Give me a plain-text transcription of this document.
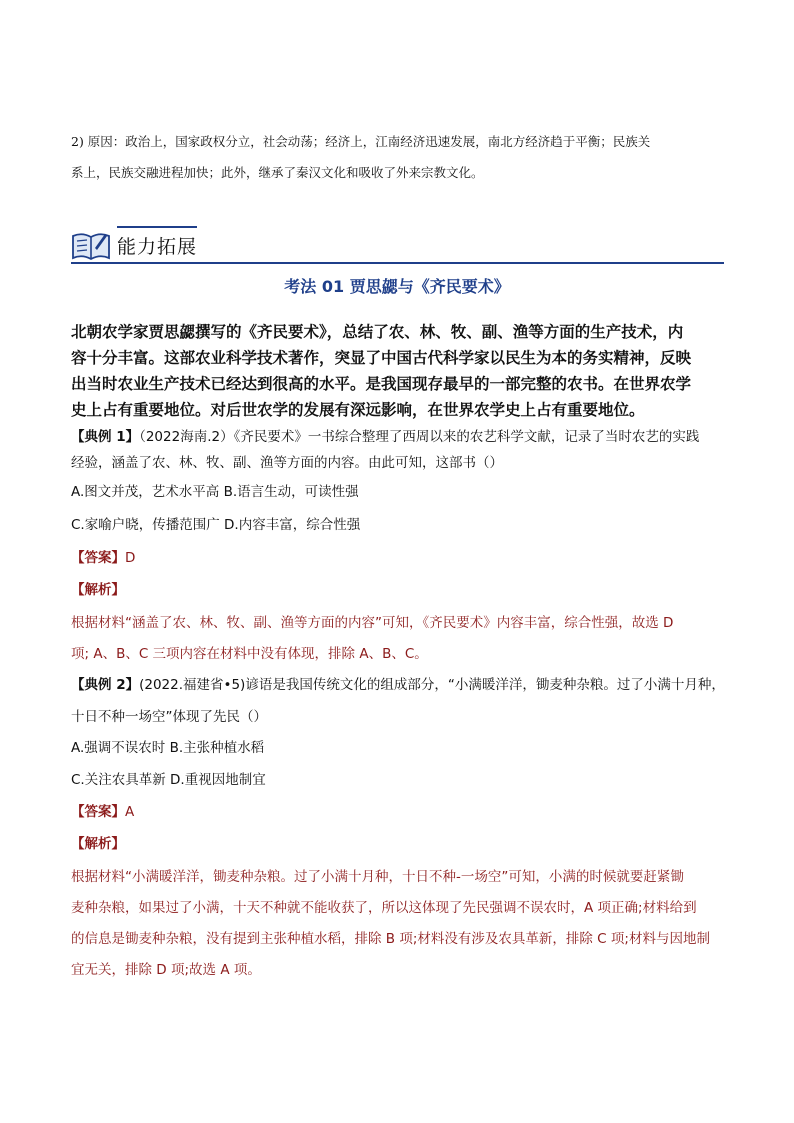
2) 原因：政治上，国家政权分立，社会动荡；经济上，江南经济迅速发展，南北方经济趋于平衡；民族关
系上，民族交融进程加快；此外，继承了秦汉文化和吸收了外来宗教文化。
能力拓展
考法 01 贾思勰与《齐民要术》
北朝农学家贾思勰撰写的《齐民要术》，总结了农、林、牧、副、渔等方面的生产技术，内
容十分丰富。这部农业科学技术著作，突显了中国古代科学家以民生为本的务实精神，反映
出当时农业生产技术已经达到很高的水平。是我国现存最早的一部完整的农书。在世界农学
史上占有重要地位。对后世农学的发展有深远影响，在世界农学史上占有重要地位。
【典例 1】（2022海南.2）《齐民要术》一书综合整理了西周以来的农艺科学文献，记录了当时农艺的实践
经验，涵盖了农、林、牧、副、渔等方面的内容。由此可知，这部书（）
A.图文并茂，艺术水平高 B.语言生动，可读性强
C.家喻户晓，传播范围广 D.内容丰富，综合性强
【答案】D
【解析】
根据材料“涵盖了农、林、牧、副、渔等方面的内容”可知，《齐民要术》内容丰富，综合性强，故选 D
项; A、B、C 三项内容在材料中没有体现，排除 A、B、C。
【典例 2】(2022.福建省•5)谚语是我国传统文化的组成部分，“小满暖洋洋，锄麦种杂粮。过了小满十月种，
十日不种一场空”体现了先民（）
A.强调不误农时 B.主张种植水稻
C.关注农具革新 D.重视因地制宜
【答案】A
【解析】
根据材料“小满暖洋洋，锄麦种杂粮。过了小满十月种，十日不种-一场空”可知，小满的时候就要赶紧锄
麦种杂粮，如果过了小满，十天不种就不能收获了，所以这体现了先民强调不误农时，A 项正确;材料给到
的信息是锄麦种杂粮，没有提到主张种植水稻，排除 B 项;材料没有涉及农具革新，排除 C 项;材料与因地制
宜无关，排除 D 项;故选 A 项。
